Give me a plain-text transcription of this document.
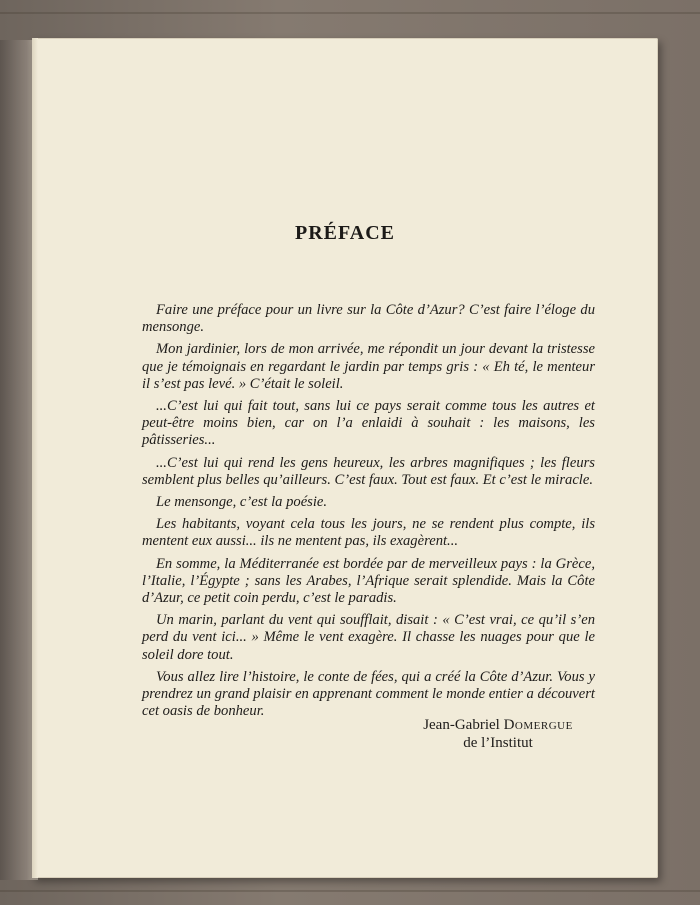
PRÉFACE

Faire une préface pour un livre sur la Côte d’Azur? C’est faire l’éloge du mensonge.

Mon jardinier, lors de mon arrivée, me répondit un jour devant la tristesse que je témoignais en regardant le jardin par temps gris : « Eh té, le menteur il s’est pas levé. » C’était le soleil.

...C’est lui qui fait tout, sans lui ce pays serait comme tous les autres et peut-être moins bien, car on l’a enlaidi à souhait : les maisons, les pâtisseries...

...C’est lui qui rend les gens heureux, les arbres magnifiques ; les fleurs semblent plus belles qu’ailleurs. C’est faux. Tout est faux. Et c’est le miracle.

Le mensonge, c’est la poésie.

Les habitants, voyant cela tous les jours, ne se rendent plus compte, ils mentent eux aussi... ils ne mentent pas, ils exagèrent...

En somme, la Méditerranée est bordée par de merveilleux pays : la Grèce, l’Italie, l’Égypte ; sans les Arabes, l’Afrique serait splendide. Mais la Côte d’Azur, ce petit coin perdu, c’est le paradis.

Un marin, parlant du vent qui soufflait, disait : « C’est vrai, ce qu’il s’en perd du vent ici... » Même le vent exagère. Il chasse les nuages pour que le soleil dore tout.

Vous allez lire l’histoire, le conte de fées, qui a créé la Côte d’Azur. Vous y prendrez un grand plaisir en apprenant comment le monde entier a découvert cet oasis de bonheur.

Jean-Gabriel Domergue
de l’Institut
